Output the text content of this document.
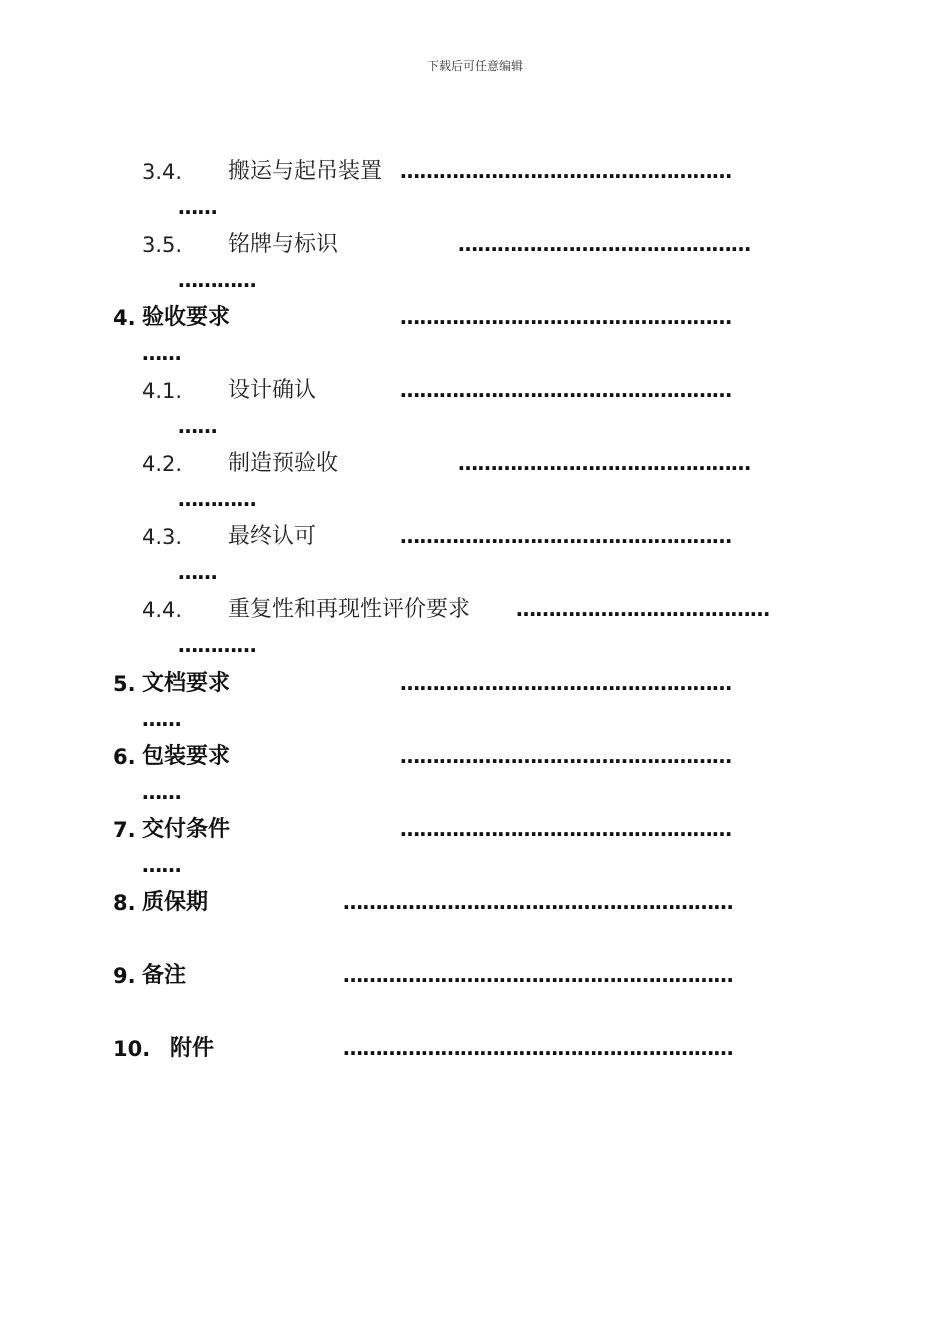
下载后可任意编辑
3.4. 搬运与起吊装置 ……………………………………………
……
3.5. 铭牌与标识	………………………………………
…………
4. 验收要求	……………………………………………
……
4.1. 设计确认	……………………………………………
……
4.2. 制造预验收	………………………………………
…………
4.3. 最终认可	……………………………………………
……
4.4. 重复性和再现性评价要求 …………………………………
…………
5. 文档要求	……………………………………………
……
6. 包装要求	……………………………………………
……
7. 交付条件	……………………………………………
……
8. 质保期	……………………………………………………
9. 备注	……………………………………………………
10. 附件	……………………………………………………
